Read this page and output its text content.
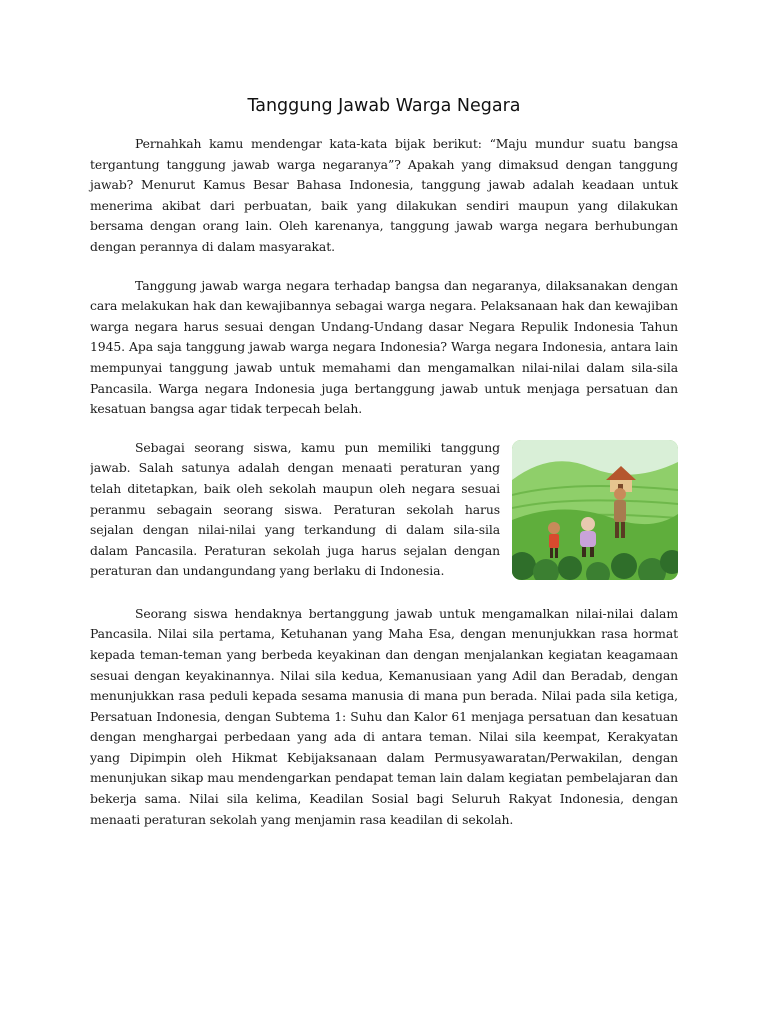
Tanggung Jawab Warga Negara

Pernahkah kamu mendengar kata-kata bijak berikut: “Maju mundur suatu bangsa tergantung tanggung jawab warga negaranya”? Apakah yang dimaksud dengan tanggung jawab? Menurut Kamus Besar Bahasa Indonesia, tanggung jawab adalah keadaan untuk menerima akibat dari perbuatan, baik yang dilakukan sendiri maupun yang dilakukan bersama dengan orang lain. Oleh karenanya, tanggung jawab warga negara berhubungan dengan perannya di dalam masyarakat.

Tanggung jawab warga negara terhadap bangsa dan negaranya, dilaksanakan dengan cara melakukan hak dan kewajibannya sebagai warga negara. Pelaksanaan hak dan kewajiban warga negara harus sesuai dengan Undang-Undang dasar Negara Repulik Indonesia Tahun 1945. Apa saja tanggung jawab warga negara Indonesia? Warga negara Indonesia, antara lain mempunyai tanggung jawab untuk memahami dan mengamalkan nilai-nilai dalam sila-sila Pancasila. Warga negara Indonesia juga bertanggung jawab untuk menjaga persatuan dan kesatuan bangsa agar tidak terpecah belah.

Sebagai seorang siswa, kamu pun memiliki tanggung jawab. Salah satunya adalah dengan menaati peraturan yang telah ditetapkan, baik oleh sekolah maupun oleh negara sesuai peranmu sebagain seorang siswa. Peraturan sekolah harus sejalan dengan nilai-nilai yang terkandung di dalam sila-sila dalam Pancasila. Peraturan sekolah juga harus sejalan dengan peraturan dan undangundang yang berlaku di Indonesia.

Seorang siswa hendaknya bertanggung jawab untuk mengamalkan nilai-nilai dalam Pancasila. Nilai sila pertama, Ketuhanan yang Maha Esa, dengan menunjukkan rasa hormat kepada teman-teman yang berbeda keyakinan dan dengan menjalankan kegiatan keagamaan sesuai dengan keyakinannya. Nilai sila kedua, Kemanusiaan yang Adil dan Beradab, dengan menunjukkan rasa peduli kepada sesama manusia di mana pun berada. Nilai pada sila ketiga, Persatuan Indonesia, dengan Subtema 1: Suhu dan Kalor 61 menjaga persatuan dan kesatuan dengan menghargai perbedaan yang ada di antara teman. Nilai sila keempat, Kerakyatan yang Dipimpin oleh Hikmat Kebijaksanaan dalam Permusyawaratan/Perwakilan, dengan menunjukan sikap mau mendengarkan pendapat teman lain dalam kegiatan pembelajaran dan bekerja sama. Nilai sila kelima, Keadilan Sosial bagi Seluruh Rakyat Indonesia, dengan menaati peraturan sekolah yang menjamin rasa keadilan di sekolah.
